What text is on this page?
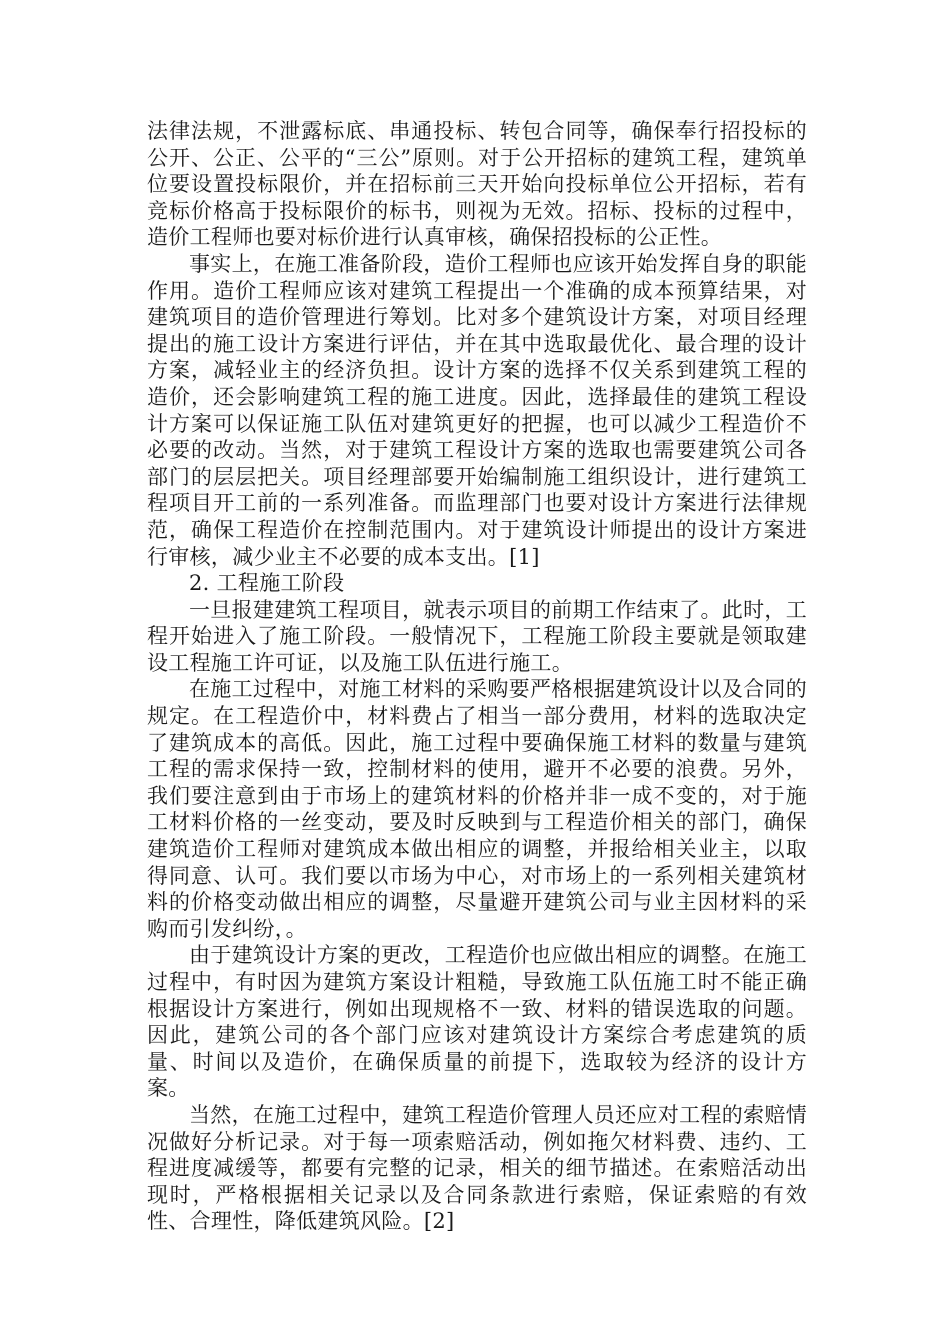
法律法规，不泄露标底、串通投标、转包合同等，确保奉行招投标的公开、公正、公平的“三公”原则。对于公开招标的建筑工程，建筑单位要设置投标限价，并在招标前三天开始向投标单位公开招标，若有竞标价格高于投标限价的标书，则视为无效。招标、投标的过程中，造价工程师也要对标价进行认真审核，确保招投标的公正性。

事实上，在施工准备阶段，造价工程师也应该开始发挥自身的职能作用。造价工程师应该对建筑工程提出一个准确的成本预算结果，对建筑项目的造价管理进行筹划。比对多个建筑设计方案，对项目经理提出的施工设计方案进行评估，并在其中选取最优化、最合理的设计方案，减轻业主的经济负担。设计方案的选择不仅关系到建筑工程的造价，还会影响建筑工程的施工进度。因此，选择最佳的建筑工程设计方案可以保证施工队伍对建筑更好的把握，也可以减少工程造价不必要的改动。当然，对于建筑工程设计方案的选取也需要建筑公司各部门的层层把关。项目经理部要开始编制施工组织设计，进行建筑工程项目开工前的一系列准备。而监理部门也要对设计方案进行法律规范，确保工程造价在控制范围内。对于建筑设计师提出的设计方案进行审核，减少业主不必要的成本支出。[1]

2. 工程施工阶段

一旦报建建筑工程项目，就表示项目的前期工作结束了。此时，工程开始进入了施工阶段。一般情况下，工程施工阶段主要就是领取建设工程施工许可证，以及施工队伍进行施工。

在施工过程中，对施工材料的采购要严格根据建筑设计以及合同的规定。在工程造价中，材料费占了相当一部分费用，材料的选取决定了建筑成本的高低。因此，施工过程中要确保施工材料的数量与建筑工程的需求保持一致，控制材料的使用，避开不必要的浪费。另外，我们要注意到由于市场上的建筑材料的价格并非一成不变的，对于施工材料价格的一丝变动，要及时反映到与工程造价相关的部门，确保建筑造价工程师对建筑成本做出相应的调整，并报给相关业主，以取得同意、认可。我们要以市场为中心，对市场上的一系列相关建筑材料的价格变动做出相应的调整，尽量避开建筑公司与业主因材料的采购而引发纠纷，。

由于建筑设计方案的更改，工程造价也应做出相应的调整。在施工过程中，有时因为建筑方案设计粗糙，导致施工队伍施工时不能正确根据设计方案进行，例如出现规格不一致、材料的错误选取的问题。因此，建筑公司的各个部门应该对建筑设计方案综合考虑建筑的质量、时间以及造价，在确保质量的前提下，选取较为经济的设计方案。

当然，在施工过程中，建筑工程造价管理人员还应对工程的索赔情况做好分析记录。对于每一项索赔活动，例如拖欠材料费、违约、工程进度减缓等，都要有完整的记录，相关的细节描述。在索赔活动出现时，严格根据相关记录以及合同条款进行索赔，保证索赔的有效性、合理性，降低建筑风险。[2]
